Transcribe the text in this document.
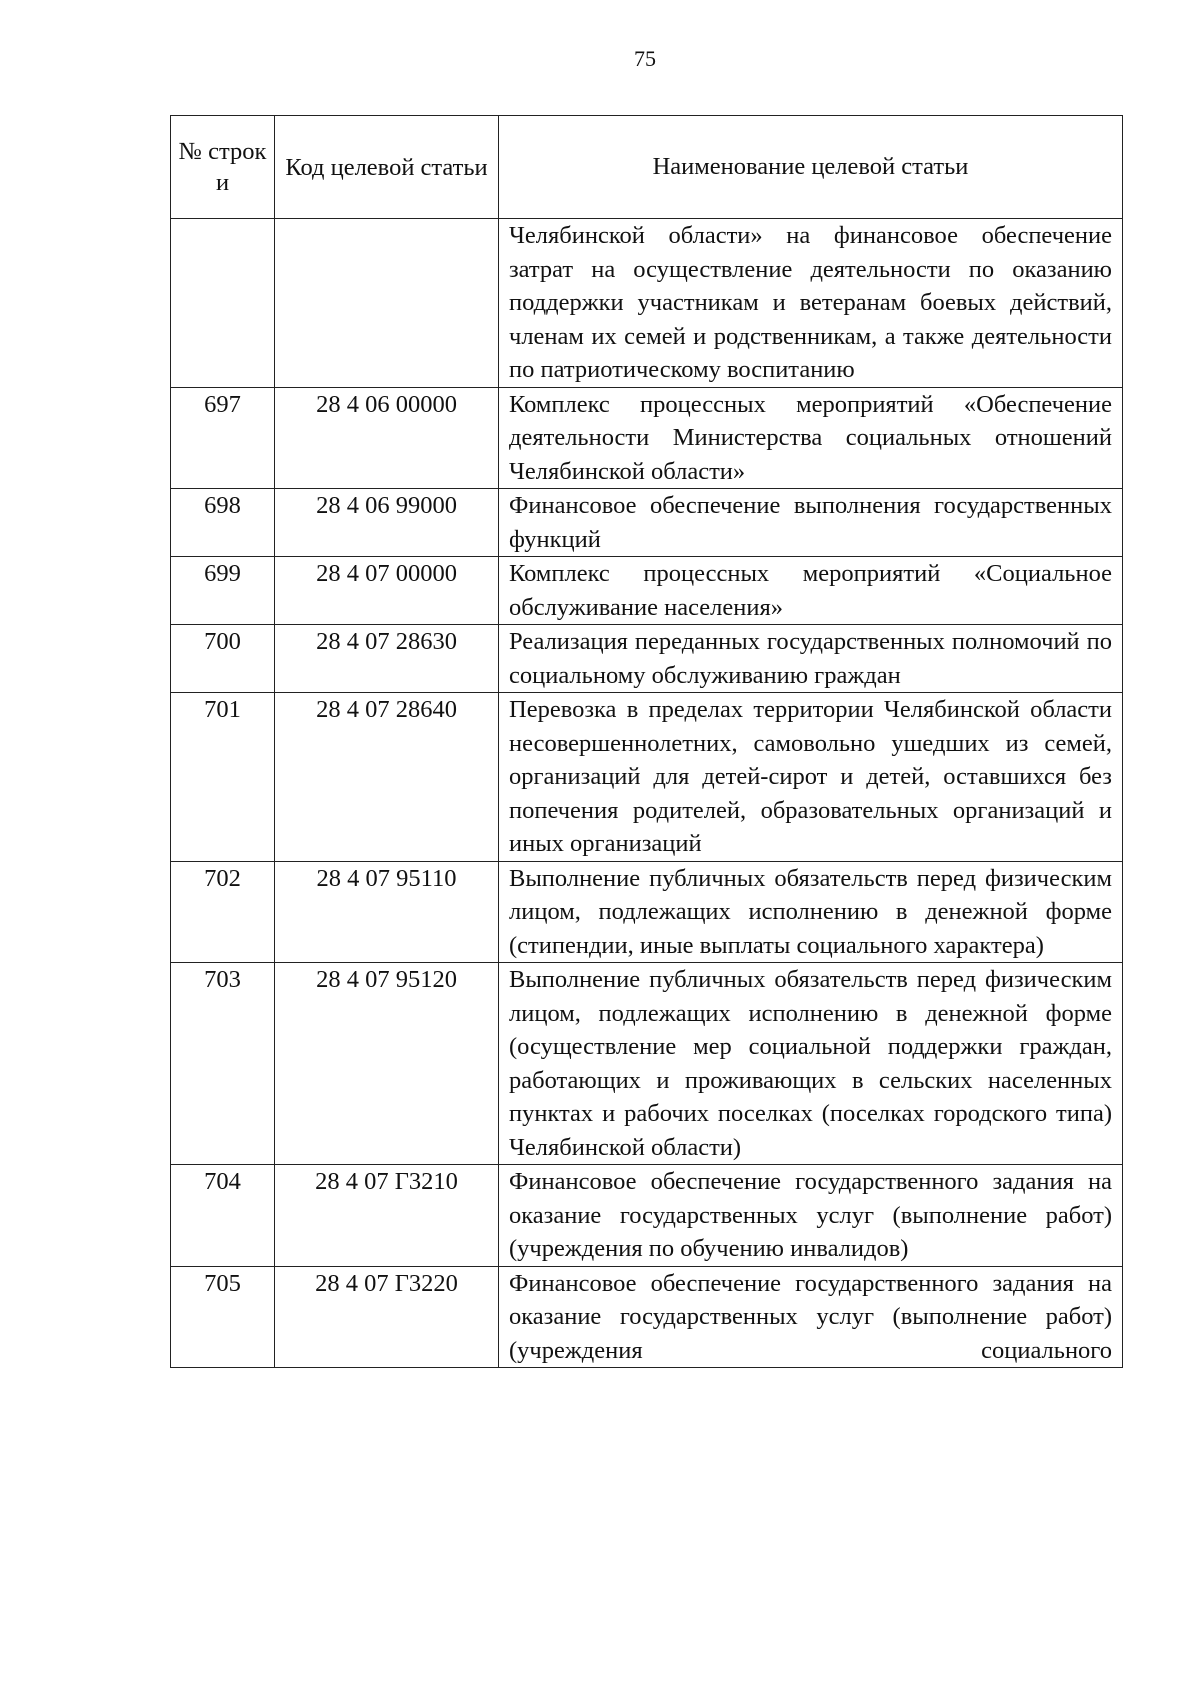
75
№ строк и	Код целевой статьи	Наименование целевой статьи
		Челябинской области» на финансовое обеспечение затрат на осуществление деятельности по оказанию поддержки участникам и ветеранам боевых действий, членам их семей и родственникам, а также деятельности по патриотическому воспитанию
697	28 4 06 00000	Комплекс процессных мероприятий «Обеспечение деятельности Министерства социальных отношений Челябинской области»
698	28 4 06 99000	Финансовое обеспечение выполнения государственных функций
699	28 4 07 00000	Комплекс процессных мероприятий «Социальное обслуживание населения»
700	28 4 07 28630	Реализация переданных государственных полномочий по социальному обслуживанию граждан
701	28 4 07 28640	Перевозка в пределах территории Челябинской области несовершеннолетних, самовольно ушедших из семей, организаций для детей-сирот и детей, оставшихся без попечения родителей, образовательных организаций и иных организаций
702	28 4 07 95110	Выполнение публичных обязательств перед физическим лицом, подлежащих исполнению в денежной форме (стипендии, иные выплаты социального характера)
703	28 4 07 95120	Выполнение публичных обязательств перед физическим лицом, подлежащих исполнению в денежной форме (осуществление мер социальной поддержки граждан, работающих и проживающих в сельских населенных пунктах и рабочих поселках (поселках городского типа) Челябинской области)
704	28 4 07 Г3210	Финансовое обеспечение государственного задания на оказание государственных услуг (выполнение работ) (учреждения по обучению инвалидов)
705	28 4 07 Г3220	Финансовое обеспечение государственного задания на оказание государственных услуг (выполнение работ) (учреждения социального
